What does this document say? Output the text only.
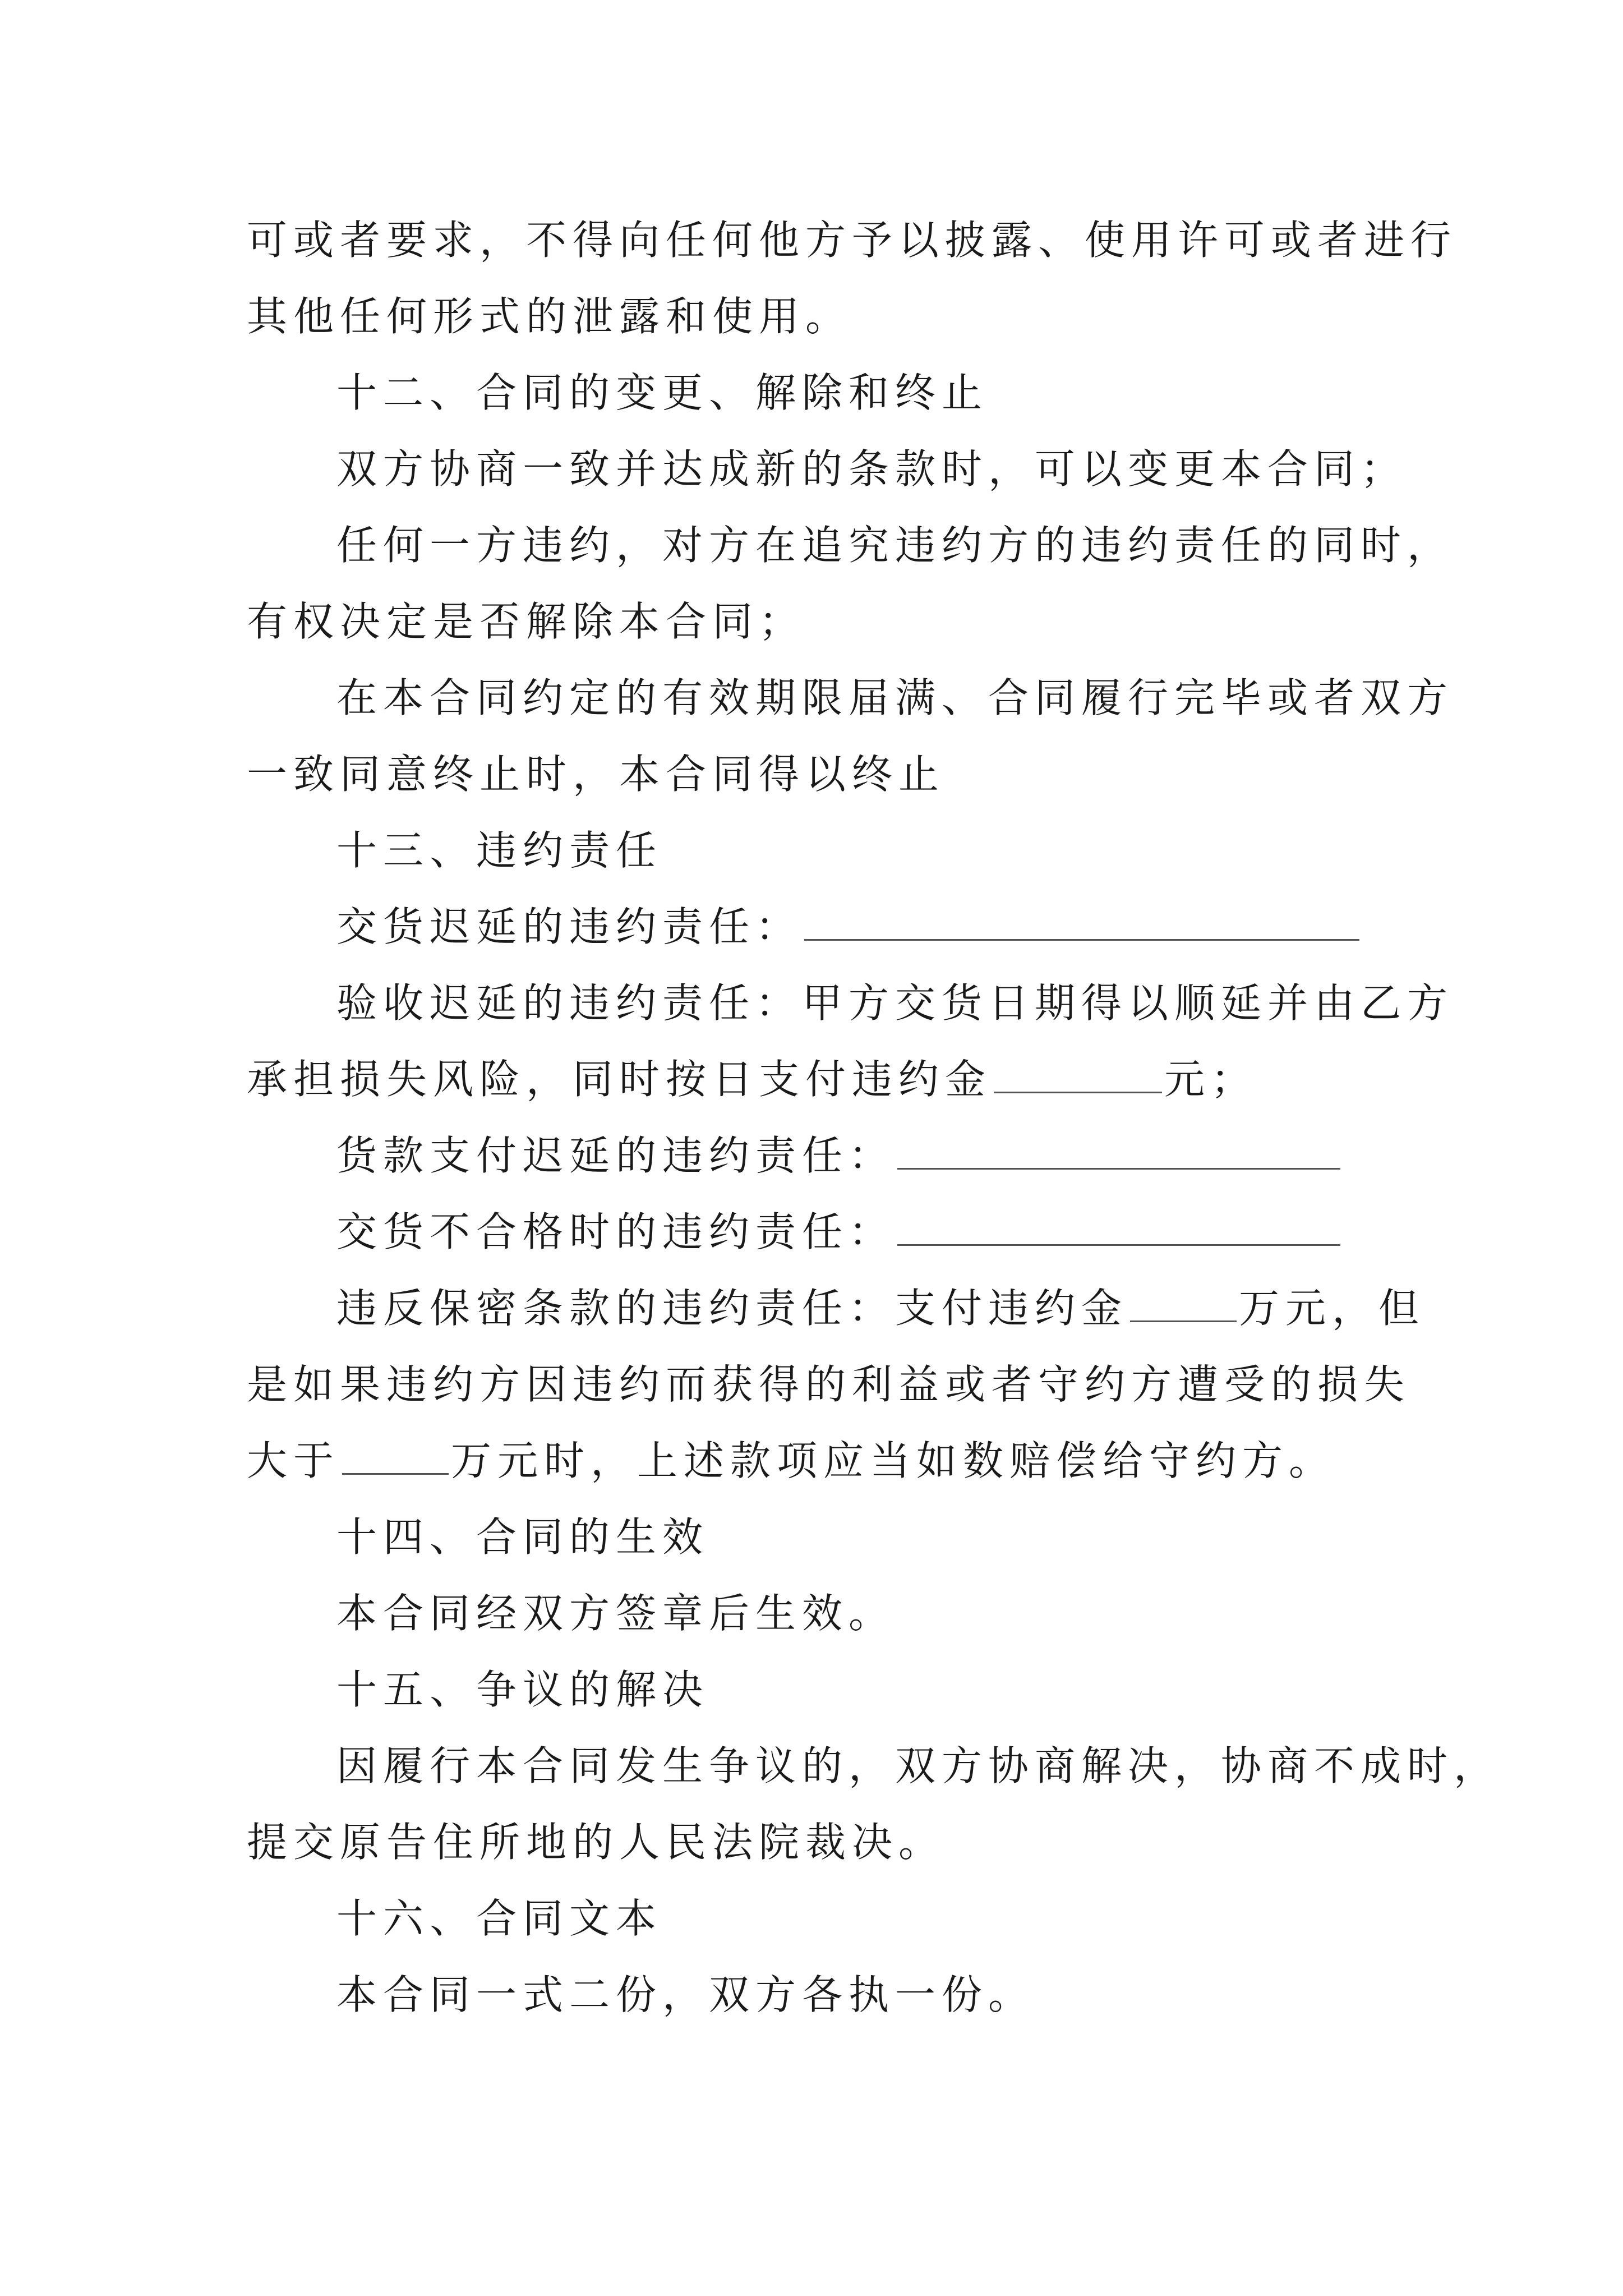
可或者要求，不得向任何他方予以披露、使用许可或者进行
其他任何形式的泄露和使用。
十二、合同的变更、解除和终止
双方协商一致并达成新的条款时，可以变更本合同；
任何一方违约，对方在追究违约方的违约责任的同时，
有权决定是否解除本合同；
在本合同约定的有效期限届满、合同履行完毕或者双方
一致同意终止时，本合同得以终止
十三、违约责任
交货迟延的违约责任：
验收迟延的违约责任：甲方交货日期得以顺延并由乙方
承担损失风险，同时按日支付违约金	元；
货款支付迟延的违约责任：
交货不合格时的违约责任：
违反保密条款的违约责任：支付违约金	万元，但
是如果违约方因违约而获得的利益或者守约方遭受的损失
大于	万元时，上述款项应当如数赔偿给守约方。
十四、合同的生效
本合同经双方签章后生效。
十五、争议的解决
因履行本合同发生争议的，双方协商解决，协商不成时，
提交原告住所地的人民法院裁决。
十六、合同文本
本合同一式二份，双方各执一份。
